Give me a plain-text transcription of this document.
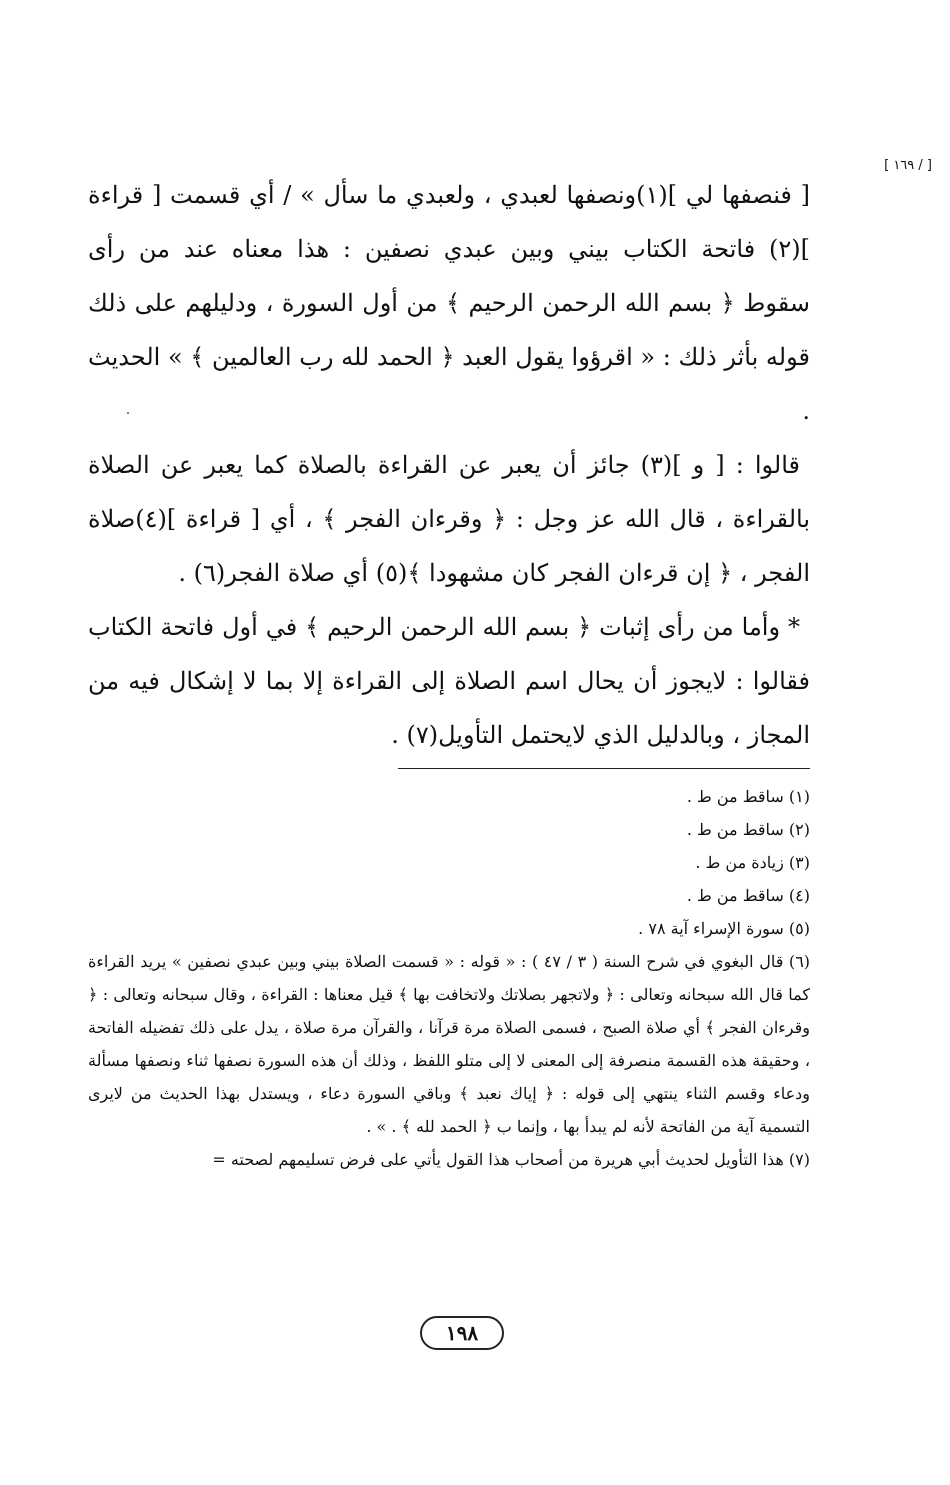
[ ١٦٩ / ]

[ فنصفها لي ](١)ونصفها لعبدي ، ولعبدي ما سأل » / أي قسمت [ قراءة ](٢) فاتحة الكتاب بيني وبين عبدي نصفين : هذا معناه عند من رأى سقوط ﴿ بسم الله الرحمن الرحيم ﴾ من أول السورة ، ودليلهم على ذلك قوله بأثر ذلك : « اقرؤوا يقول العبد ﴿ الحمد لله رب العالمين ﴾ » الحديث .

قالوا : [ و ](٣) جائز أن يعبر عن القراءة بالصلاة كما يعبر عن الصلاة بالقراءة ، قال الله عز وجل : ﴿ وقرءان الفجر ﴾ ، أي [ قراءة ](٤)صلاة الفجر ، ﴿ إن قرءان الفجر كان مشهودا ﴾(٥) أي صلاة الفجر(٦) .

* وأما من رأى إثبات ﴿ بسم الله الرحمن الرحيم ﴾ في أول فاتحة الكتاب فقالوا : لايجوز أن يحال اسم الصلاة إلى القراءة إلا بما لا إشكال فيه من المجاز ، وبالدليل الذي لايحتمل التأويل(٧) .

(١) ساقط من ط .

(٢) ساقط من ط .

(٣) زيادة من ط .

(٤) ساقط من ط .

(٥) سورة الإسراء آية ٧٨ .

(٦) قال البغوي في شرح السنة ( ٣ / ٤٧ ) : « قوله : « قسمت الصلاة بيني وبين عبدي نصفين » يريد القراءة كما قال الله سبحانه وتعالى : ﴿ ولاتجهر بصلاتك ولاتخافت بها ﴾ قيل معناها : القراءة ، وقال سبحانه وتعالى : ﴿ وقرءان الفجر ﴾ أي صلاة الصبح ، فسمى الصلاة مرة قرآنا ، والقرآن مرة صلاة ، يدل على ذلك تفضيله الفاتحة ، وحقيقة هذه القسمة منصرفة إلى المعنى لا إلى متلو اللفظ ، وذلك أن هذه السورة نصفها ثناء ونصفها مسألة ودعاء وقسم الثناء ينتهي إلى قوله : ﴿ إياك نعبد ﴾ وباقي السورة دعاء ، ويستدل بهذا الحديث من لايرى التسمية آية من الفاتحة لأنه لم يبدأ بها ، وإنما ب ﴿ الحمد لله ﴾ . » .

(٧) هذا التأويل لحديث أبي هريرة من أصحاب هذا القول يأتي على فرض تسليمهم لصحته =

١٩٨
